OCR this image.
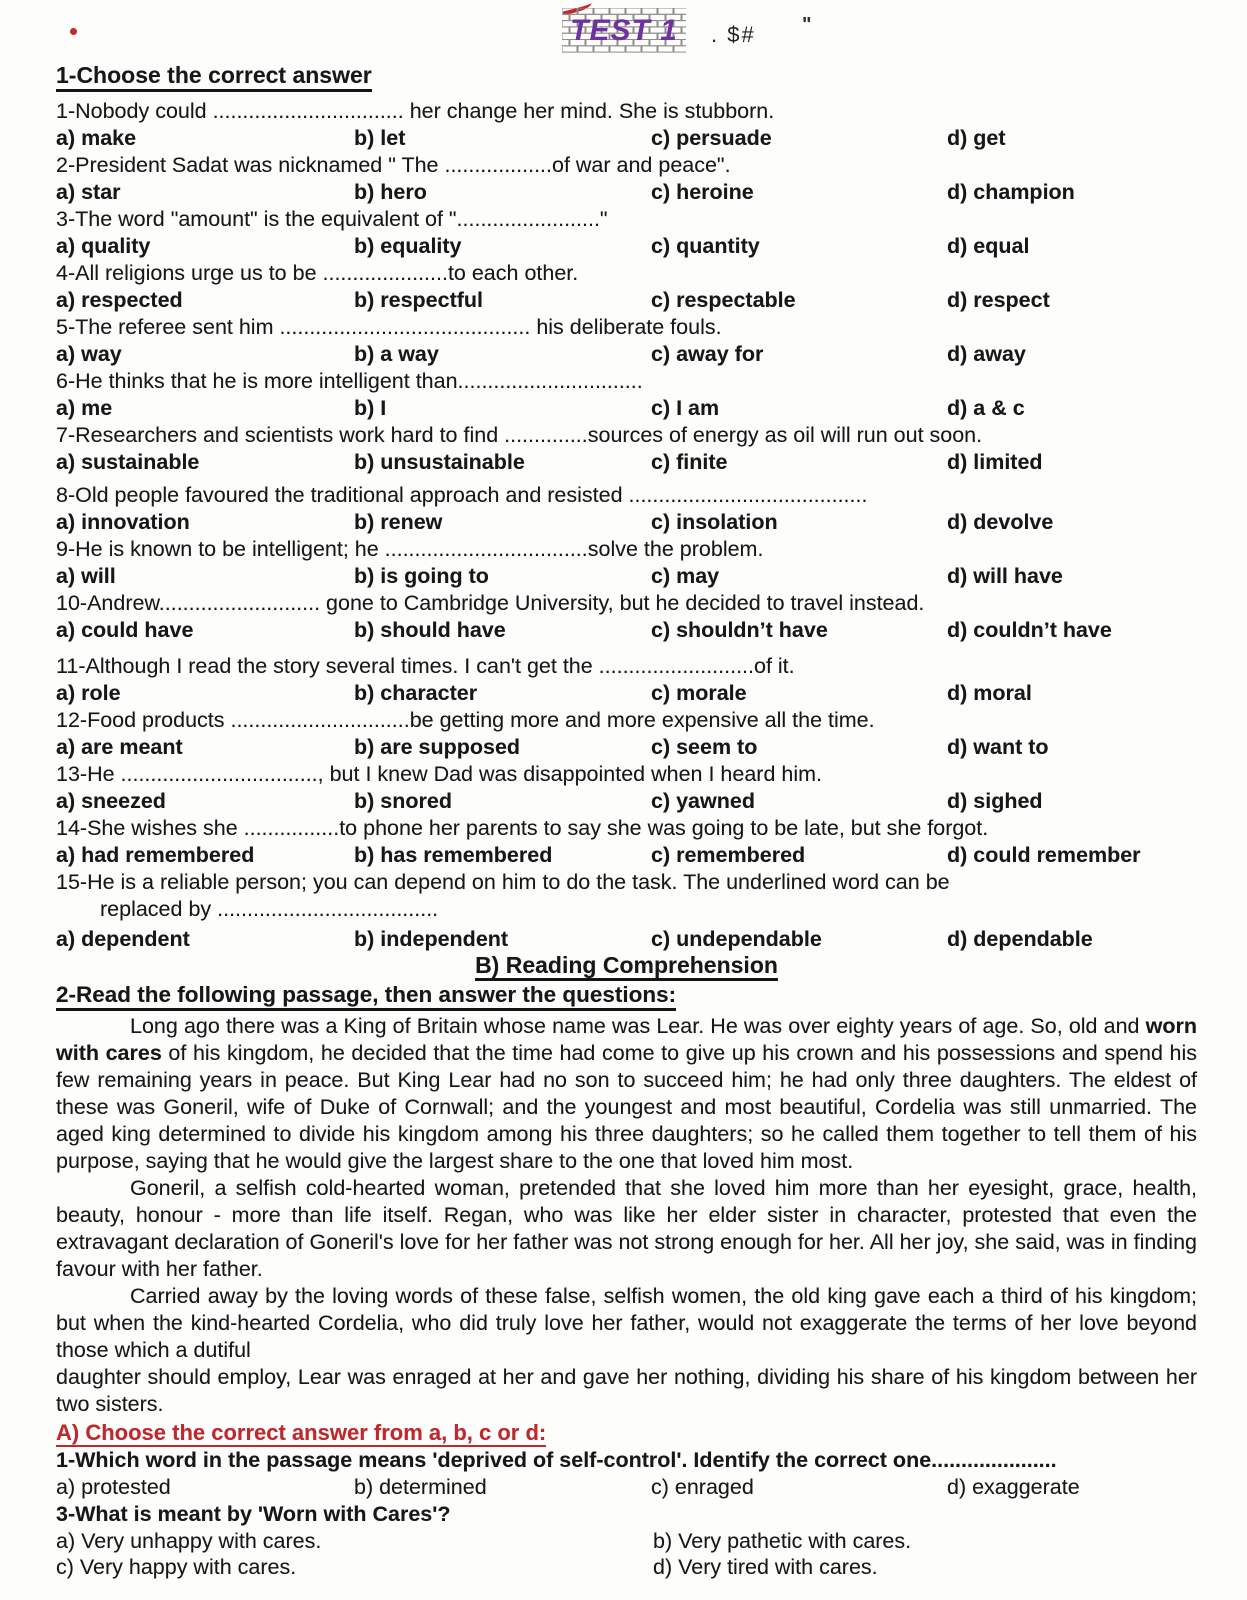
TEST 1	. $# "
1-Choose the correct answer
1-Nobody could ................................ her change her mind. She is stubborn.
a) make	b) let	c) persuade	d) get
2-President Sadat was nicknamed " The ..................of war and peace".
a) star	b) hero	c) heroine	d) champion
3-The word "amount" is the equivalent of "........................"
a) quality	b) equality	c) quantity	d) equal
4-All religions urge us to be .....................to each other.
a) respected	b) respectful	c) respectable	d) respect
5-The referee sent him .......................................... his deliberate fouls.
a) way	b) a way	c) away for	d) away
6-He thinks that he is more intelligent than...............................
a) me	b) I	c) I am	d) a & c
7-Researchers and scientists work hard to find ..............sources of energy as oil will run out soon.
a) sustainable	b) unsustainable	c) finite	d) limited
8-Old people favoured the traditional approach and resisted ........................................
a) innovation	b) renew	c) insolation	d) devolve
9-He is known to be intelligent; he ..................................solve the problem.
a) will	b) is going to	c) may	d) will have
10-Andrew........................... gone to Cambridge University, but he decided to travel instead.
a) could have	b) should have	c) shouldn’t have	d) couldn’t have
11-Although I read the story several times. I can't get the ..........................of it.
a) role	b) character	c) morale	d) moral
12-Food products ..............................be getting more and more expensive all the time.
a) are meant	b) are supposed	c) seem to	d) want to
13-He ................................., but I knew Dad was disappointed when I heard him.
a) sneezed	b) snored	c) yawned	d) sighed
14-She wishes she ................to phone her parents to say she was going to be late, but she forgot.
a) had remembered	b) has remembered	c) remembered	d) could remember
15-He is a reliable person; you can depend on him to do the task. The underlined word can be
replaced by .....................................
a) dependent	b) independent	c) undependable	d) dependable
B) Reading Comprehension
2-Read the following passage, then answer the questions:

Long ago there was a King of Britain whose name was Lear. He was over eighty years of age. So, old and worn with cares of his kingdom, he decided that the time had come to give up his crown and his possessions and spend his few remaining years in peace. But King Lear had no son to succeed him; he had only three daughters. The eldest of these was Goneril, wife of Duke of Cornwall; and the youngest and most beautiful, Cordelia was still unmarried. The aged king determined to divide his kingdom among his three daughters; so he called them together to tell them of his purpose, saying that he would give the largest share to the one that loved him most.

Goneril, a selfish cold-hearted woman, pretended that she loved him more than her eyesight, grace, health, beauty, honour - more than life itself. Regan, who was like her elder sister in character, protested that even the extravagant declaration of Goneril's love for her father was not strong enough for her. All her joy, she said, was in finding favour with her father.

Carried away by the loving words of these false, selfish women, the old king gave each a third of his kingdom; but when the kind-hearted Cordelia, who did truly love her father, would not exaggerate the terms of her love beyond those which a dutiful

daughter should employ, Lear was enraged at her and gave her nothing, dividing his share of his kingdom between her two sisters.

A) Choose the correct answer from a, b, c or d:
1-Which word in the passage means 'deprived of self-control'. Identify the correct one.....................
a) protested	b) determined	c) enraged	d) exaggerate
3-What is meant by 'Worn with Cares'?
a) Very unhappy with cares.	b) Very pathetic with cares.
c) Very happy with cares.	d) Very tired with cares.
